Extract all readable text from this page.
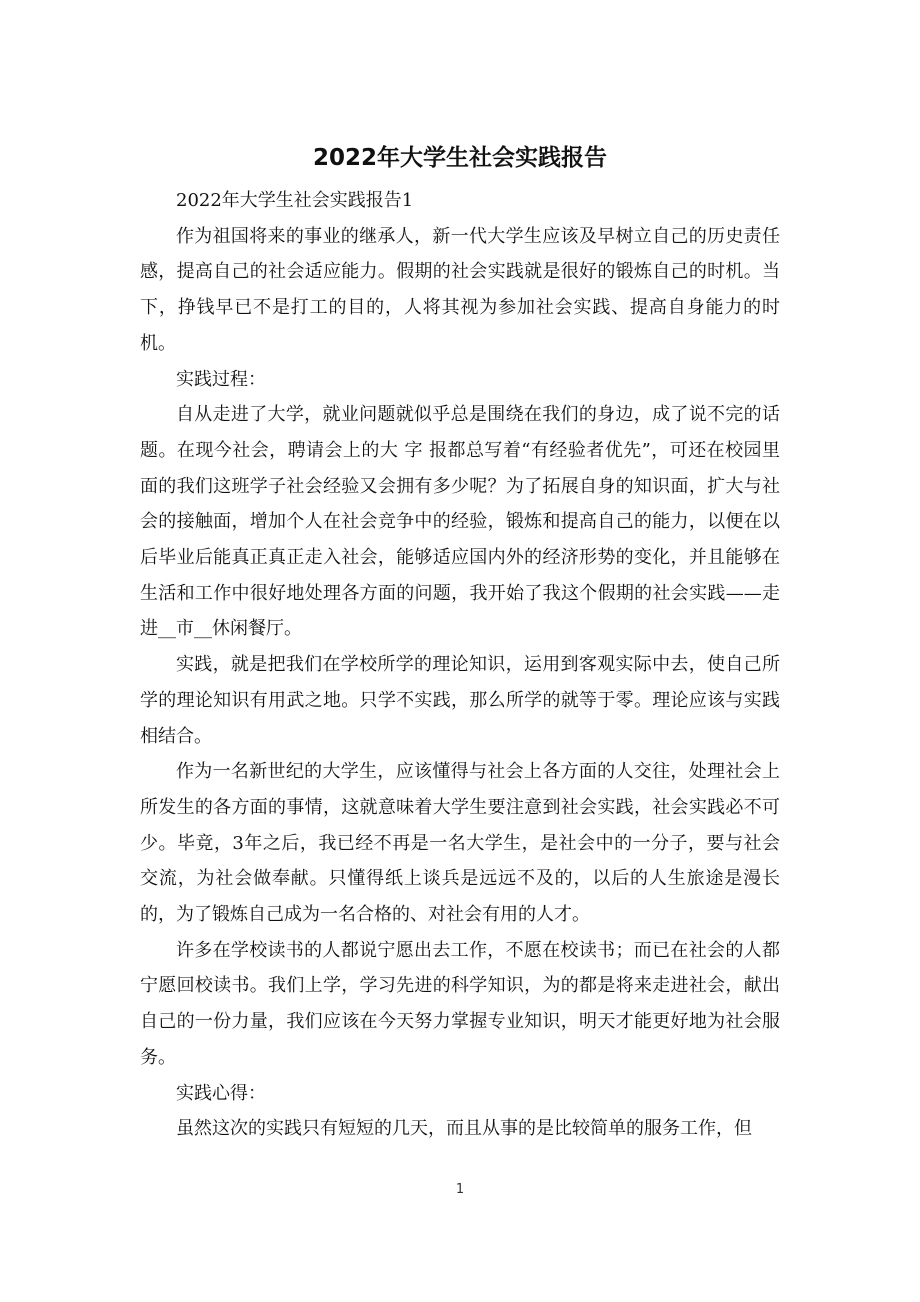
2022年大学生社会实践报告

2022年大学生社会实践报告1

作为祖国将来的事业的继承人，新一代大学生应该及早树立自己的历史责任感，提高自己的社会适应能力。假期的社会实践就是很好的锻炼自己的时机。当下，挣钱早已不是打工的目的，人将其视为参加社会实践、提高自身能力的时机。

实践过程：

自从走进了大学，就业问题就似乎总是围绕在我们的身边，成了说不完的话题。在现今社会，聘请会上的大 字 报都总写着“有经验者优先”，可还在校园里面的我们这班学子社会经验又会拥有多少呢？为了拓展自身的知识面，扩大与社会的接触面，增加个人在社会竞争中的经验，锻炼和提高自己的能力，以便在以后毕业后能真正真正走入社会，能够适应国内外的经济形势的变化，并且能够在生活和工作中很好地处理各方面的问题，我开始了我这个假期的社会实践——走进__市__休闲餐厅。

实践，就是把我们在学校所学的理论知识，运用到客观实际中去，使自己所学的理论知识有用武之地。只学不实践，那么所学的就等于零。理论应该与实践相结合。

作为一名新世纪的大学生，应该懂得与社会上各方面的人交往，处理社会上所发生的各方面的事情，这就意味着大学生要注意到社会实践，社会实践必不可少。毕竟，3年之后，我已经不再是一名大学生，是社会中的一分子，要与社会交流，为社会做奉献。只懂得纸上谈兵是远远不及的，以后的人生旅途是漫长的，为了锻炼自己成为一名合格的、对社会有用的人才。

许多在学校读书的人都说宁愿出去工作，不愿在校读书；而已在社会的人都宁愿回校读书。我们上学，学习先进的科学知识，为的都是将来走进社会，献出自己的一份力量，我们应该在今天努力掌握专业知识，明天才能更好地为社会服务。

实践心得：

虽然这次的实践只有短短的几天，而且从事的是比较简单的服务工作，但

1
